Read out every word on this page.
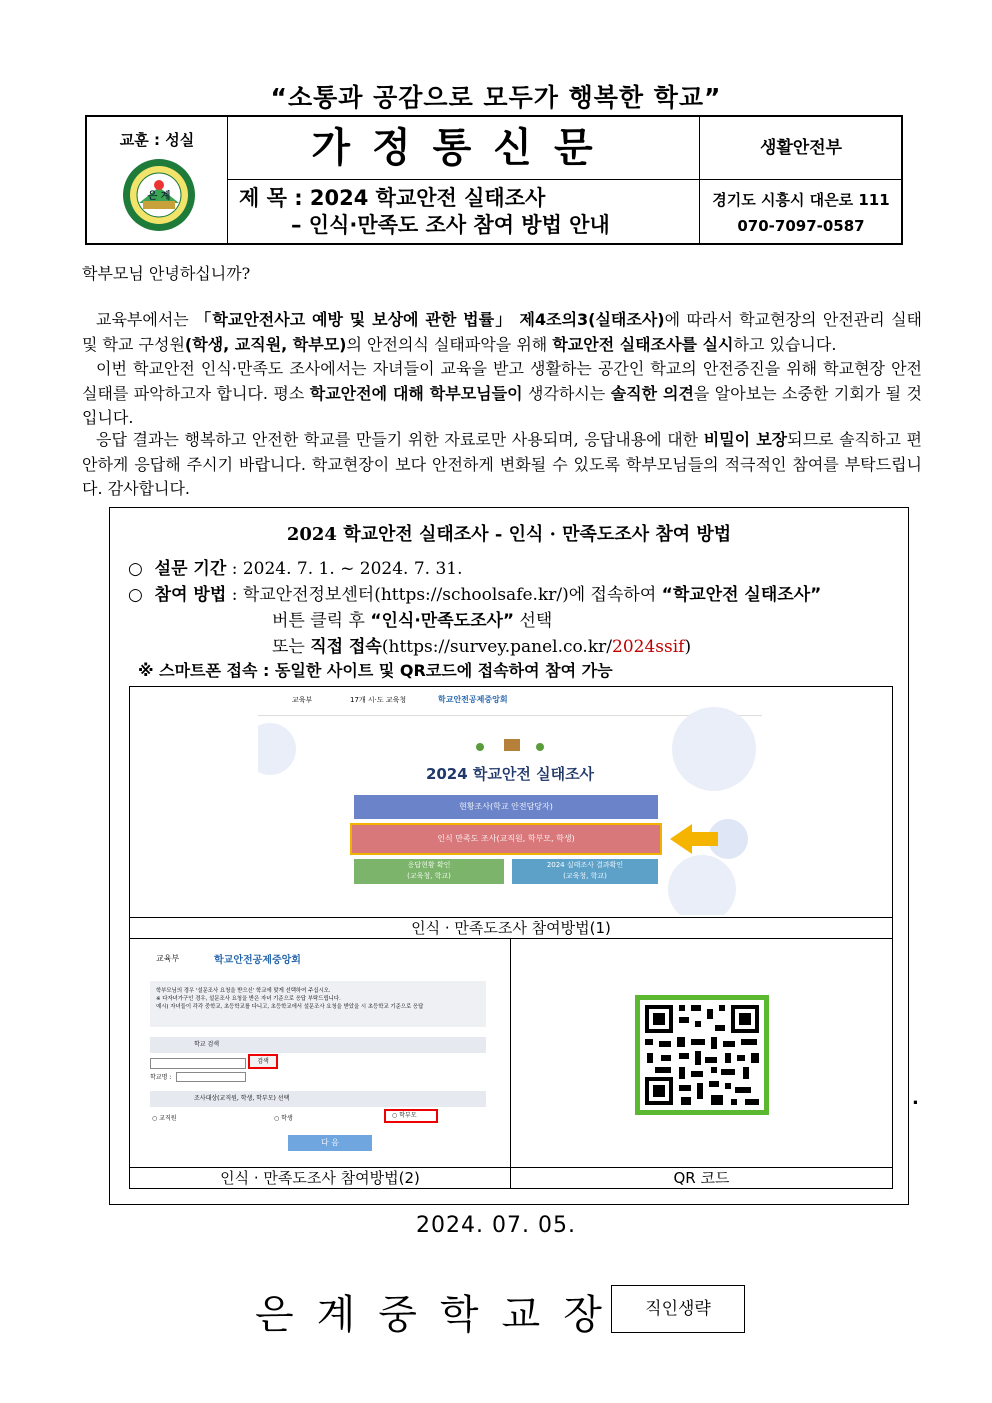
“소통과 공감으로 모두가 행복한 학교”
교훈 : 성실
은 계
가정통신문
제 목 : 2024 학교안전 실태조사
– 인식·만족도 조사 참여 방법 안내
생활안전부
경기도 시흥시 대은로 111
070-7097-0587
학부모님 안녕하십니까?
교육부에서는 「학교안전사고 예방 및 보상에 관한 법률」 제4조의3(실태조사)에 따라서 학교현장의 안전관리 실태 및 학교 구성원(학생, 교직원, 학부모)의 안전의식 실태파악을 위해 학교안전 실태조사를 실시하고 있습니다.
이번 학교안전 인식·만족도 조사에서는 자녀들이 교육을 받고 생활하는 공간인 학교의 안전증진을 위해 학교현장 안전실태를 파악하고자 합니다. 평소 학교안전에 대해 학부모님들이 생각하시는 솔직한 의견을 알아보는 소중한 기회가 될 것입니다.
응답 결과는 행복하고 안전한 학교를 만들기 위한 자료로만 사용되며, 응답내용에 대한 비밀이 보장되므로 솔직하고 편안하게 응답해 주시기 바랍니다. 학교현장이 보다 안전하게 변화될 수 있도록 학부모님들의 적극적인 참여를 부탁드립니다. 감사합니다.
2024 학교안전 실태조사 - 인식 · 만족도조사 참여 방법
○  설문 기간 : 2024. 7. 1. ~ 2024. 7. 31.
○  참여 방법 : 학교안전정보센터(https://schoolsafe.kr/)에 접속하여 “학교안전 실태조사”
버튼 클릭 후 “인식·만족도조사” 선택
또는 직접 접속(https://survey.panel.co.kr/2024ssif)
※ 스마트폰 접속 : 동일한 사이트 및 QR코드에 접속하여 참여 가능
교육부	17개 시·도 교육청	학교안전공제중앙회
2024 학교안전 실태조사
현황조사(학교 안전담당자)
인식 만족도 조사(교직원, 학부모, 학생)
응답현황 확인
(교육청, 학교)
2024 실태조사 결과확인
(교육청, 학교)
인식 · 만족도조사 참여방법(1)
교육부	학교안전공제중앙회
학부모님의 경우 '설문조사 요청을 받으신' 학교에 맞게 선택하여 주십시오.
※ 다자녀가구인 경우, 설문조사 요청을 받은 자녀 기준으로 응답 부탁드립니다.
예시) 자녀들이 각각 중학교, 초등학교를 다니고, 초등학교에서 설문조사 요청을 받았을 시 초등학교 기준으로 응답
학교 검색
검색
학교명 :
조사대상(교직원, 학생, 학부모) 선택
○ 교직원	○ 학생	○ 학부모
다 음
인식 · 만족도조사 참여방법(2)	QR 코드
.
2024. 07. 05.
은계중학교장	직인생략
